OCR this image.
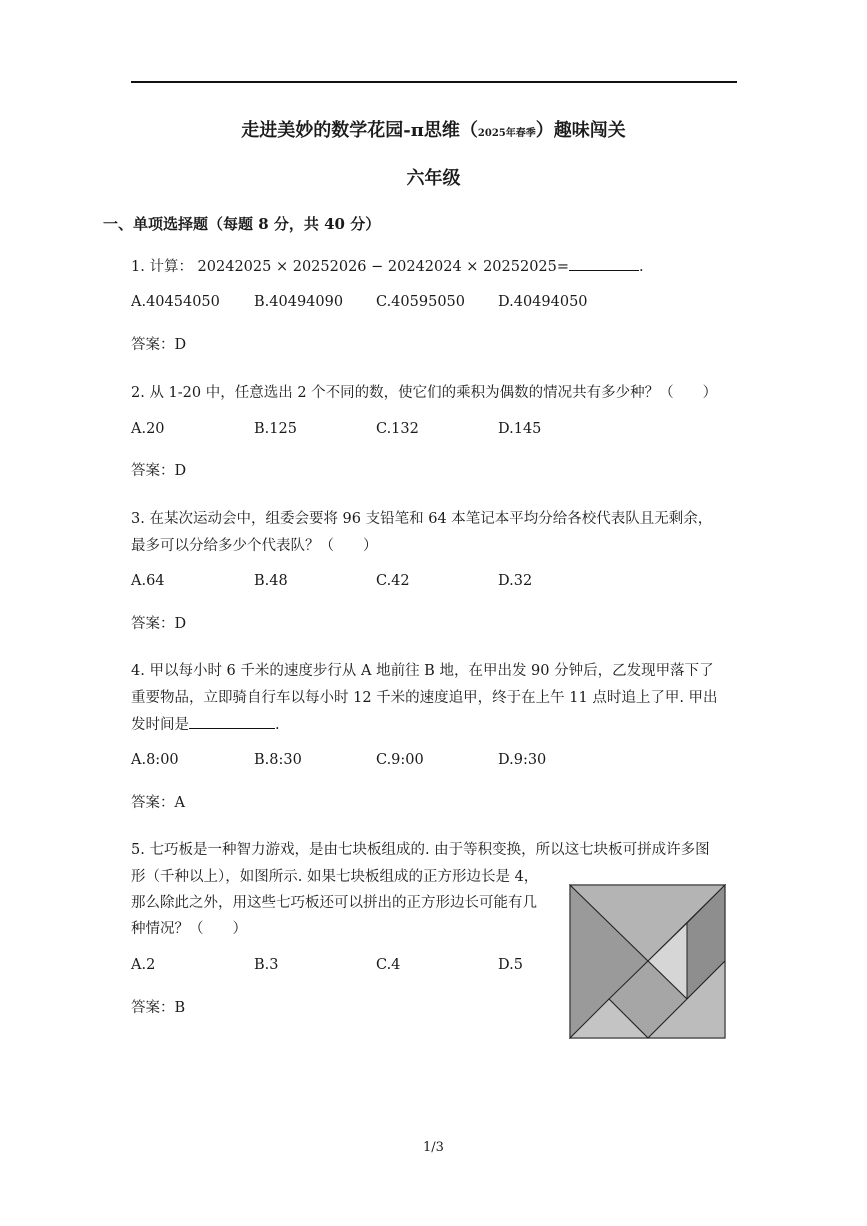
走进美妙的数学花园-π思维（2025年春季）趣味闯关
六年级
一、单项选择题（每题 8 分，共 40 分）
1. 计算： 20242025 × 20252026 − 20242024 × 20252025=	.
A.40454050 B.40494090 C.40595050 D.40494050
答案：D
2. 从 1-20 中，任意选出 2 个不同的数，使它们的乘积为偶数的情况共有多少种？（　　）
A.20	B.125	C.132	D.145
答案：D
3. 在某次运动会中，组委会要将 96 支铅笔和 64 本笔记本平均分给各校代表队且无剩余，
最多可以分给多少个代表队？（　　）
A.64	B.48	C.42	D.32
答案：D
4. 甲以每小时 6 千米的速度步行从 A 地前往 B 地，在甲出发 90 分钟后，乙发现甲落下了
重要物品，立即骑自行车以每小时 12 千米的速度追甲，终于在上午 11 点时追上了甲. 甲出
发时间是	.
A.8:00	B.8:30	C.9:00	D.9:30
答案：A
5. 七巧板是一种智力游戏，是由七块板组成的. 由于等积变换，所以这七块板可拼成许多图
形（千种以上），如图所示. 如果七块板组成的正方形边长是 4，
那么除此之外，用这些七巧板还可以拼出的正方形边长可能有几
种情况？（　　）
A.2	B.3	C.4	D.5
答案：B
1/3
